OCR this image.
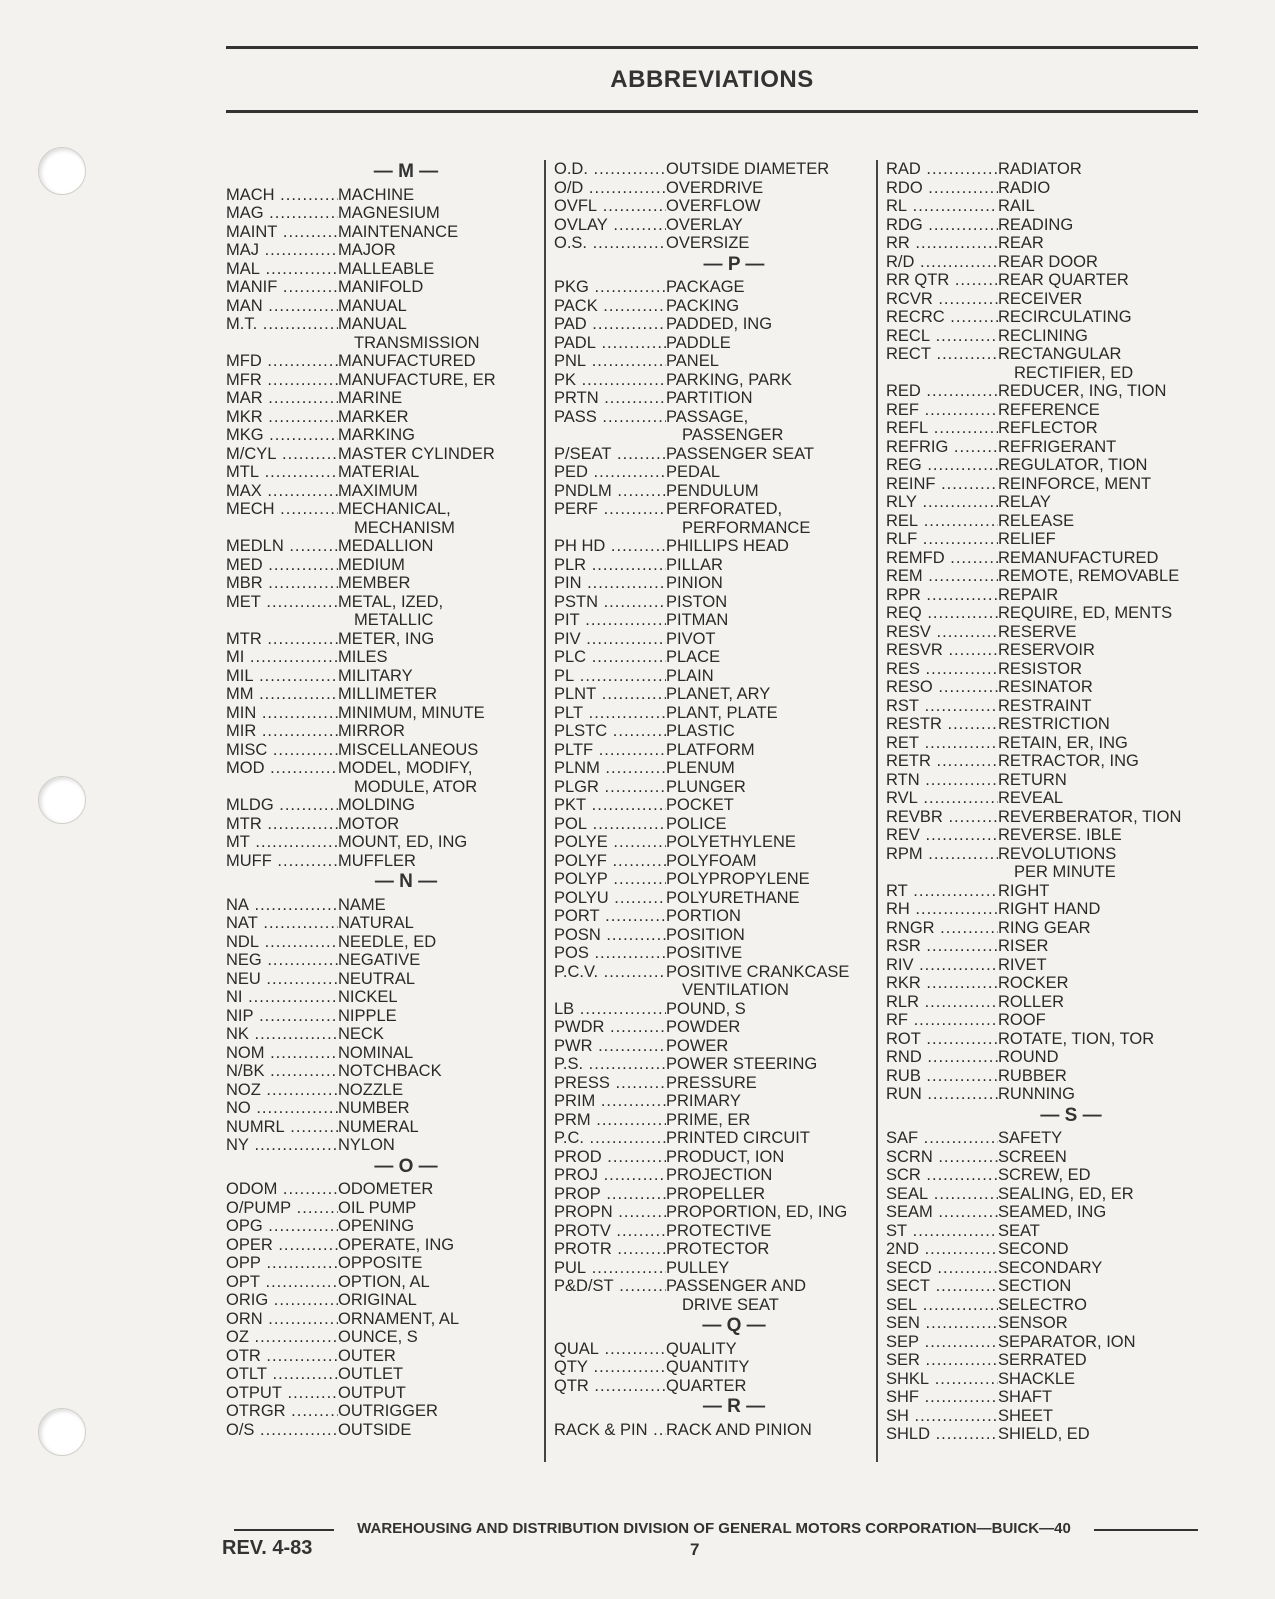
ABBREVIATIONS
— M —
MACH .....	MACHINE
MAG .....	MAGNESIUM
MAINT .....	MAINTENANCE
MAJ .....	MAJOR
MAL .....	MALLEABLE
MANIF .....	MANIFOLD
MAN .....	MANUAL
M.T. .....	MANUAL
TRANSMISSION
MFD .....	MANUFACTURED
MFR .....	MANUFACTURE, ER
MAR .....	MARINE
MKR .....	MARKER
MKG .....	MARKING
M/CYL .....	MASTER CYLINDER
MTL .....	MATERIAL
MAX .....	MAXIMUM
MECH .....	MECHANICAL,
MECHANISM
MEDLN .....	MEDALLION
MED .....	MEDIUM
MBR .....	MEMBER
MET .....	METAL, IZED,
METALLIC
MTR .....	METER, ING
MI .....	MILES
MIL .....	MILITARY
MM .....	MILLIMETER
MIN .....	MINIMUM, MINUTE
MIR .....	MIRROR
MISC .....	MISCELLANEOUS
MOD .....	MODEL, MODIFY,
MODULE, ATOR
MLDG .....	MOLDING
MTR .....	MOTOR
MT .....	MOUNT, ED, ING
MUFF .....	MUFFLER
— N —
NA .....	NAME
NAT .....	NATURAL
NDL .....	NEEDLE, ED
NEG .....	NEGATIVE
NEU .....	NEUTRAL
NI .....	NICKEL
NIP .....	NIPPLE
NK .....	NECK
NOM .....	NOMINAL
N/BK .....	NOTCHBACK
NOZ .....	NOZZLE
NO .....	NUMBER
NUMRL .....	NUMERAL
NY .....	NYLON
— O —
ODOM .....	ODOMETER
O/PUMP .....	OIL PUMP
OPG .....	OPENING
OPER .....	OPERATE, ING
OPP .....	OPPOSITE
OPT .....	OPTION, AL
ORIG .....	ORIGINAL
ORN .....	ORNAMENT, AL
OZ .....	OUNCE, S
OTR .....	OUTER
OTLT .....	OUTLET
OTPUT .....	OUTPUT
OTRGR .....	OUTRIGGER
O/S .....	OUTSIDE
O.D. .....	OUTSIDE DIAMETER
O/D .....	OVERDRIVE
OVFL .....	OVERFLOW
OVLAY .....	OVERLAY
O.S. .....	OVERSIZE
— P —
PKG .....	PACKAGE
PACK .....	PACKING
PAD .....	PADDED, ING
PADL .....	PADDLE
PNL .....	PANEL
PK .....	PARKING, PARK
PRTN .....	PARTITION
PASS .....	PASSAGE,
PASSENGER
P/SEAT .....	PASSENGER SEAT
PED .....	PEDAL
PNDLM .....	PENDULUM
PERF .....	PERFORATED,
PERFORMANCE
PH HD .....	PHILLIPS HEAD
PLR .....	PILLAR
PIN .....	PINION
PSTN .....	PISTON
PIT .....	PITMAN
PIV .....	PIVOT
PLC .....	PLACE
PL .....	PLAIN
PLNT .....	PLANET, ARY
PLT .....	PLANT, PLATE
PLSTC .....	PLASTIC
PLTF .....	PLATFORM
PLNM .....	PLENUM
PLGR .....	PLUNGER
PKT .....	POCKET
POL .....	POLICE
POLYE .....	POLYETHYLENE
POLYF .....	POLYFOAM
POLYP .....	POLYPROPYLENE
POLYU .....	POLYURETHANE
PORT .....	PORTION
POSN .....	POSITION
POS .....	POSITIVE
P.C.V. .....	POSITIVE CRANKCASE
VENTILATION
LB .....	POUND, S
PWDR .....	POWDER
PWR .....	POWER
P.S. .....	POWER STEERING
PRESS .....	PRESSURE
PRIM .....	PRIMARY
PRM .....	PRIME, ER
P.C. .....	PRINTED CIRCUIT
PROD .....	PRODUCT, ION
PROJ .....	PROJECTION
PROP .....	PROPELLER
PROPN .....	PROPORTION, ED, ING
PROTV .....	PROTECTIVE
PROTR .....	PROTECTOR
PUL .....	PULLEY
P&D/ST .....	PASSENGER AND
DRIVE SEAT
— Q —
QUAL .....	QUALITY
QTY .....	QUANTITY
QTR .....	QUARTER
— R —
RACK & PIN .....	RACK AND PINION
RAD .....	RADIATOR
RDO .....	RADIO
RL .....	RAIL
RDG .....	READING
RR .....	REAR
R/D .....	REAR DOOR
RR QTR .....	REAR QUARTER
RCVR .....	RECEIVER
RECRC .....	RECIRCULATING
RECL .....	RECLINING
RECT .....	RECTANGULAR
RECTIFIER, ED
RED .....	REDUCER, ING, TION
REF .....	REFERENCE
REFL .....	REFLECTOR
REFRIG .....	REFRIGERANT
REG .....	REGULATOR, TION
REINF .....	REINFORCE, MENT
RLY .....	RELAY
REL .....	RELEASE
RLF .....	RELIEF
REMFD .....	REMANUFACTURED
REM .....	REMOTE, REMOVABLE
RPR .....	REPAIR
REQ .....	REQUIRE, ED, MENTS
RESV .....	RESERVE
RESVR .....	RESERVOIR
RES .....	RESISTOR
RESO .....	RESINATOR
RST .....	RESTRAINT
RESTR .....	RESTRICTION
RET .....	RETAIN, ER, ING
RETR .....	RETRACTOR, ING
RTN .....	RETURN
RVL .....	REVEAL
REVBR .....	REVERBERATOR, TION
REV .....	REVERSE. IBLE
RPM .....	REVOLUTIONS
PER MINUTE
RT .....	RIGHT
RH .....	RIGHT HAND
RNGR .....	RING GEAR
RSR .....	RISER
RIV .....	RIVET
RKR .....	ROCKER
RLR .....	ROLLER
RF .....	ROOF
ROT .....	ROTATE, TION, TOR
RND .....	ROUND
RUB .....	RUBBER
RUN .....	RUNNING
— S —
SAF .....	SAFETY
SCRN .....	SCREEN
SCR .....	SCREW, ED
SEAL .....	SEALING, ED, ER
SEAM .....	SEAMED, ING
ST .....	SEAT
2ND .....	SECOND
SECD .....	SECONDARY
SECT .....	SECTION
SEL .....	SELECTRO
SEN .....	SENSOR
SEP .....	SEPARATOR, ION
SER .....	SERRATED
SHKL .....	SHACKLE
SHF .....	SHAFT
SH .....	SHEET
SHLD .....	SHIELD, ED
WAREHOUSING AND DISTRIBUTION DIVISION OF GENERAL MOTORS CORPORATION—BUICK—40
REV. 4-83	7
